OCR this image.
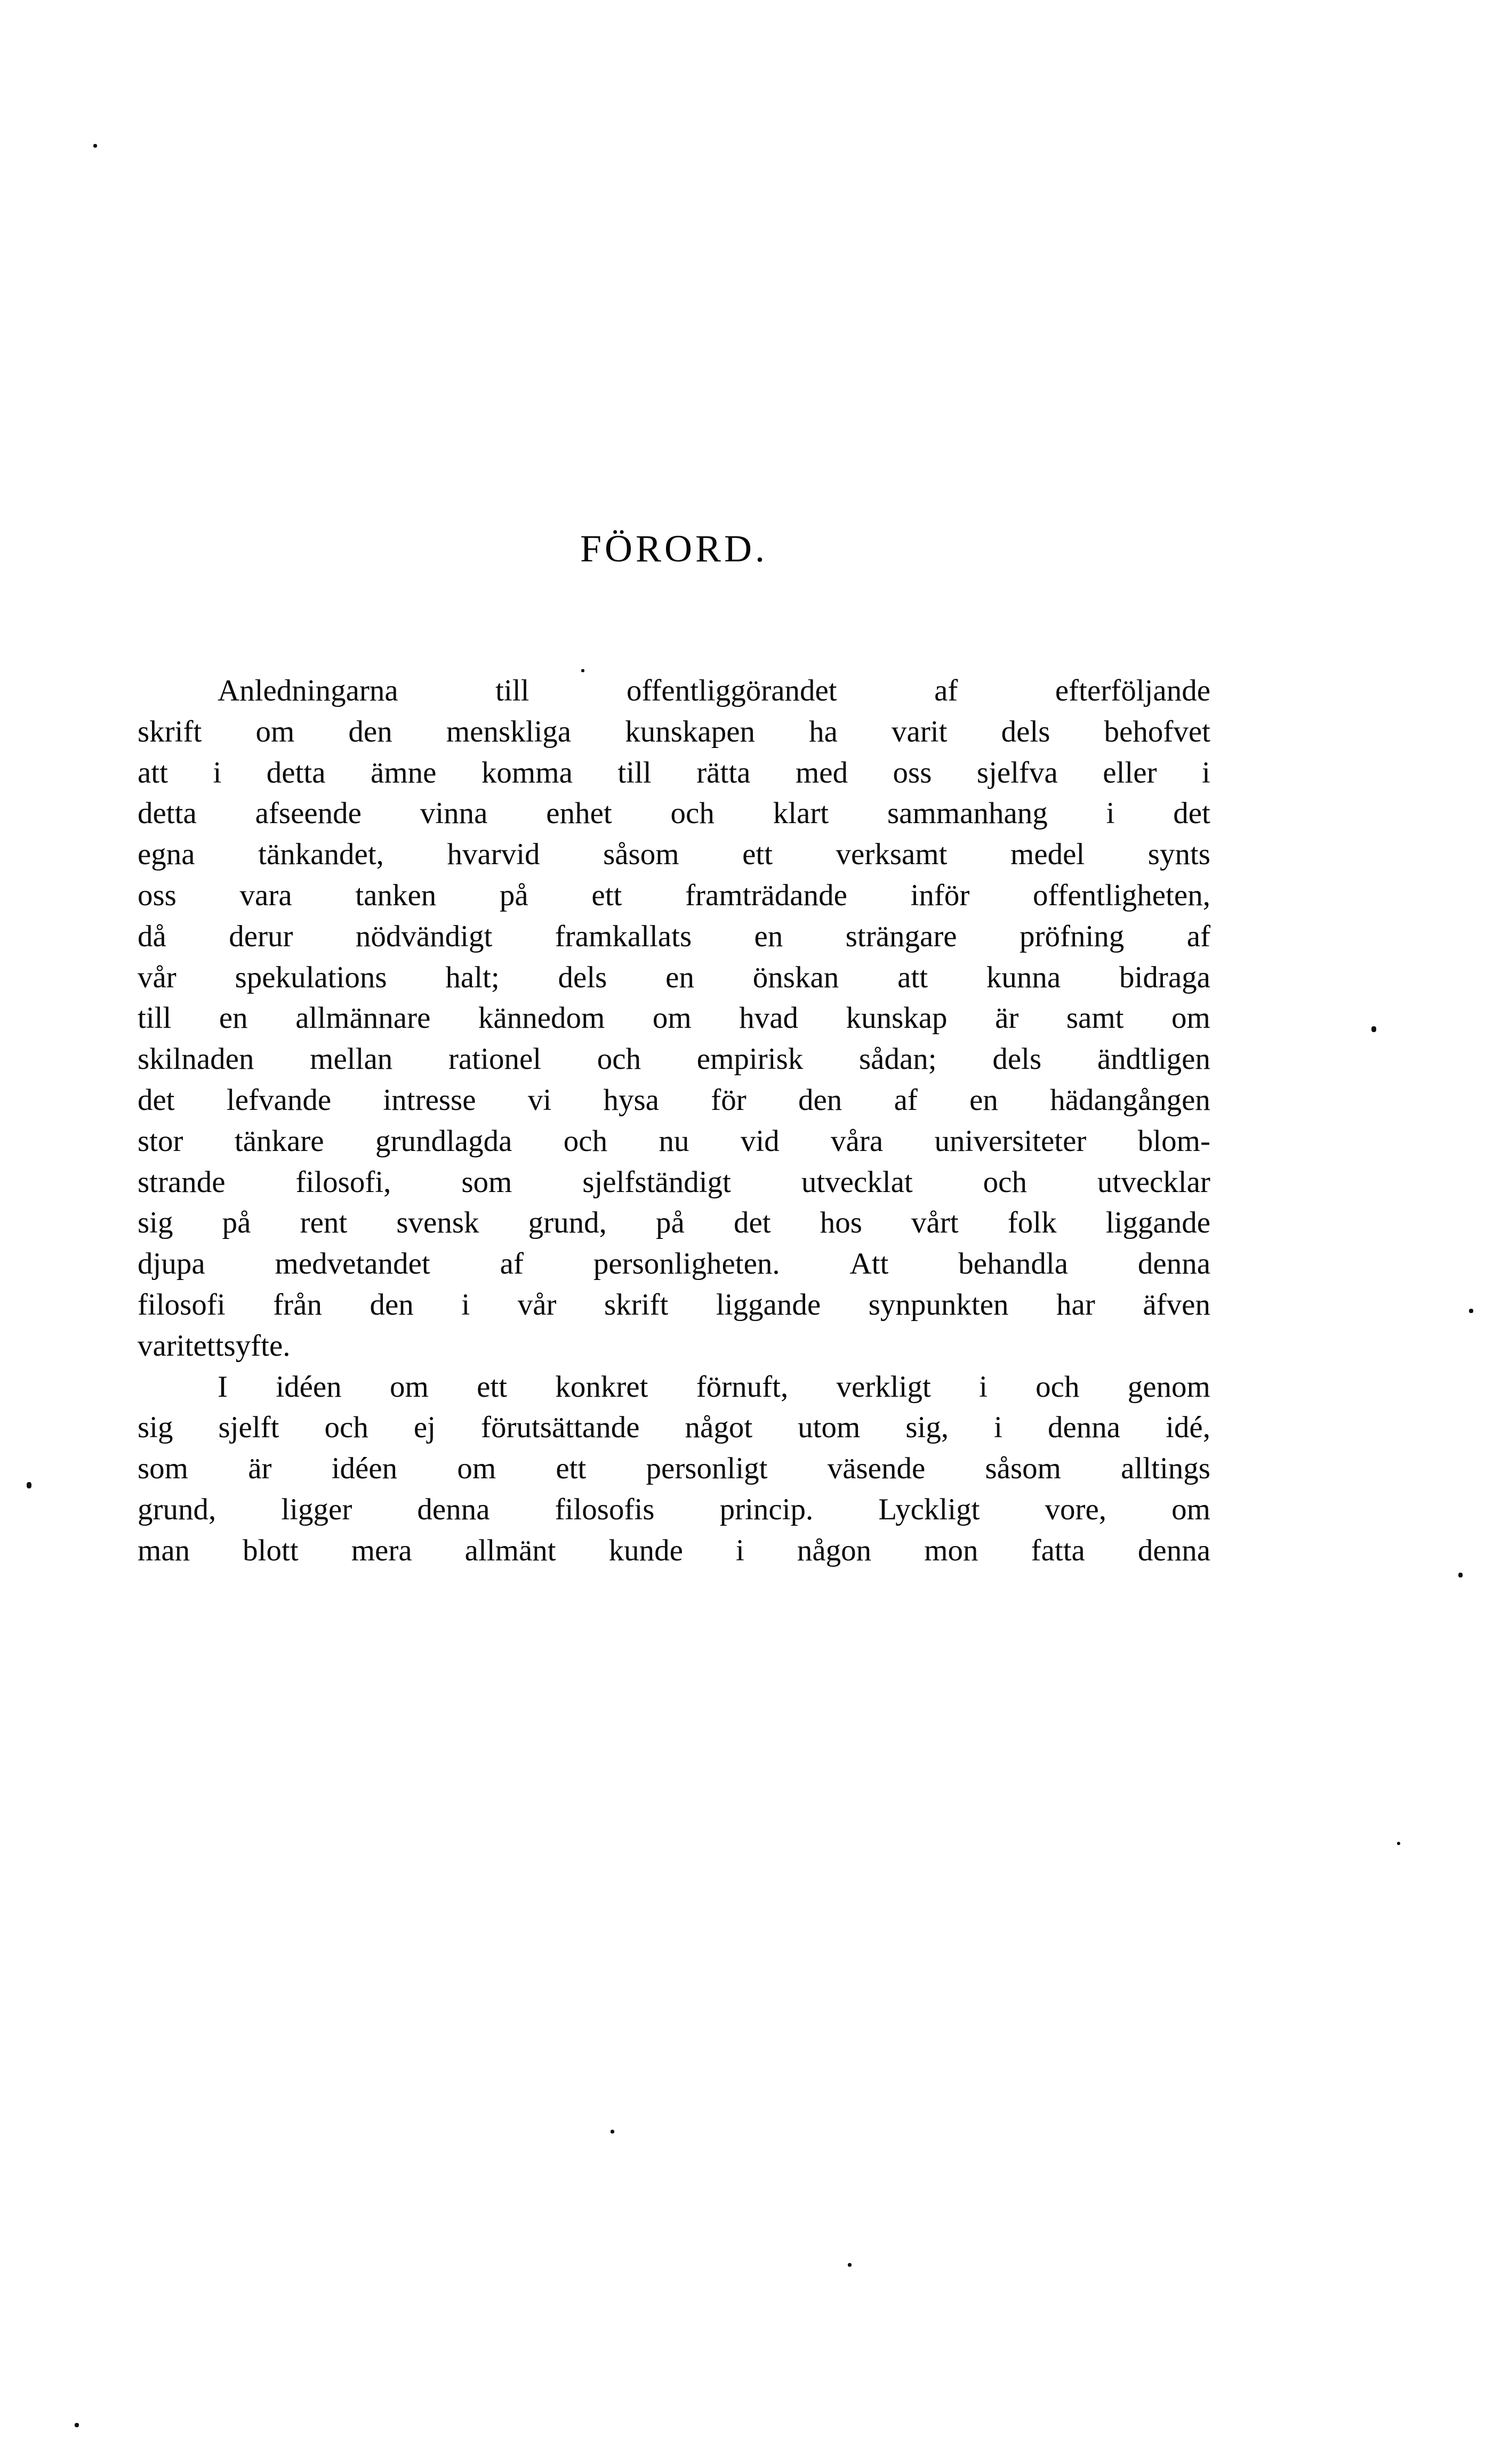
FÖRORD.
Anledningarna	till	offentliggörandet	af	efterföljande
skrift om den menskliga kunskapen ha varit dels behofvet
att i detta ämne komma till rätta med oss sjelfva eller i
detta afseende vinna enhet och klart sammanhang i det
egna tänkandet, hvarvid såsom ett verksamt medel synts
oss vara tanken på ett framträdande inför offentligheten,
då derur nödvändigt framkallats en strängare pröfning af
vår spekulations halt; dels en önskan att kunna bidraga
till en allmännare kännedom om hvad kunskap är samt om
skilnaden mellan rationel och empirisk sådan; dels ändtligen
det lefvande intresse vi hysa för den af en hädangången
stor tänkare grundlagda och nu vid våra universiteter blom-
strande filosofi, som sjelfständigt utvecklat och utvecklar
sig på rent svensk grund, på det hos vårt folk liggande
djupa medvetandet af personligheten. Att behandla denna
filosofi från den i vår skrift liggande synpunkten har äfven
varit ett syfte.
I idéen om ett konkret förnuft, verkligt i och genom
sig sjelft och ej förutsättande något utom sig, i denna idé,
som är idéen om ett personligt väsende såsom alltings
grund, ligger denna filosofis princip. Lyckligt vore, om
man blott mera allmänt kunde i någon mon fatta denna
